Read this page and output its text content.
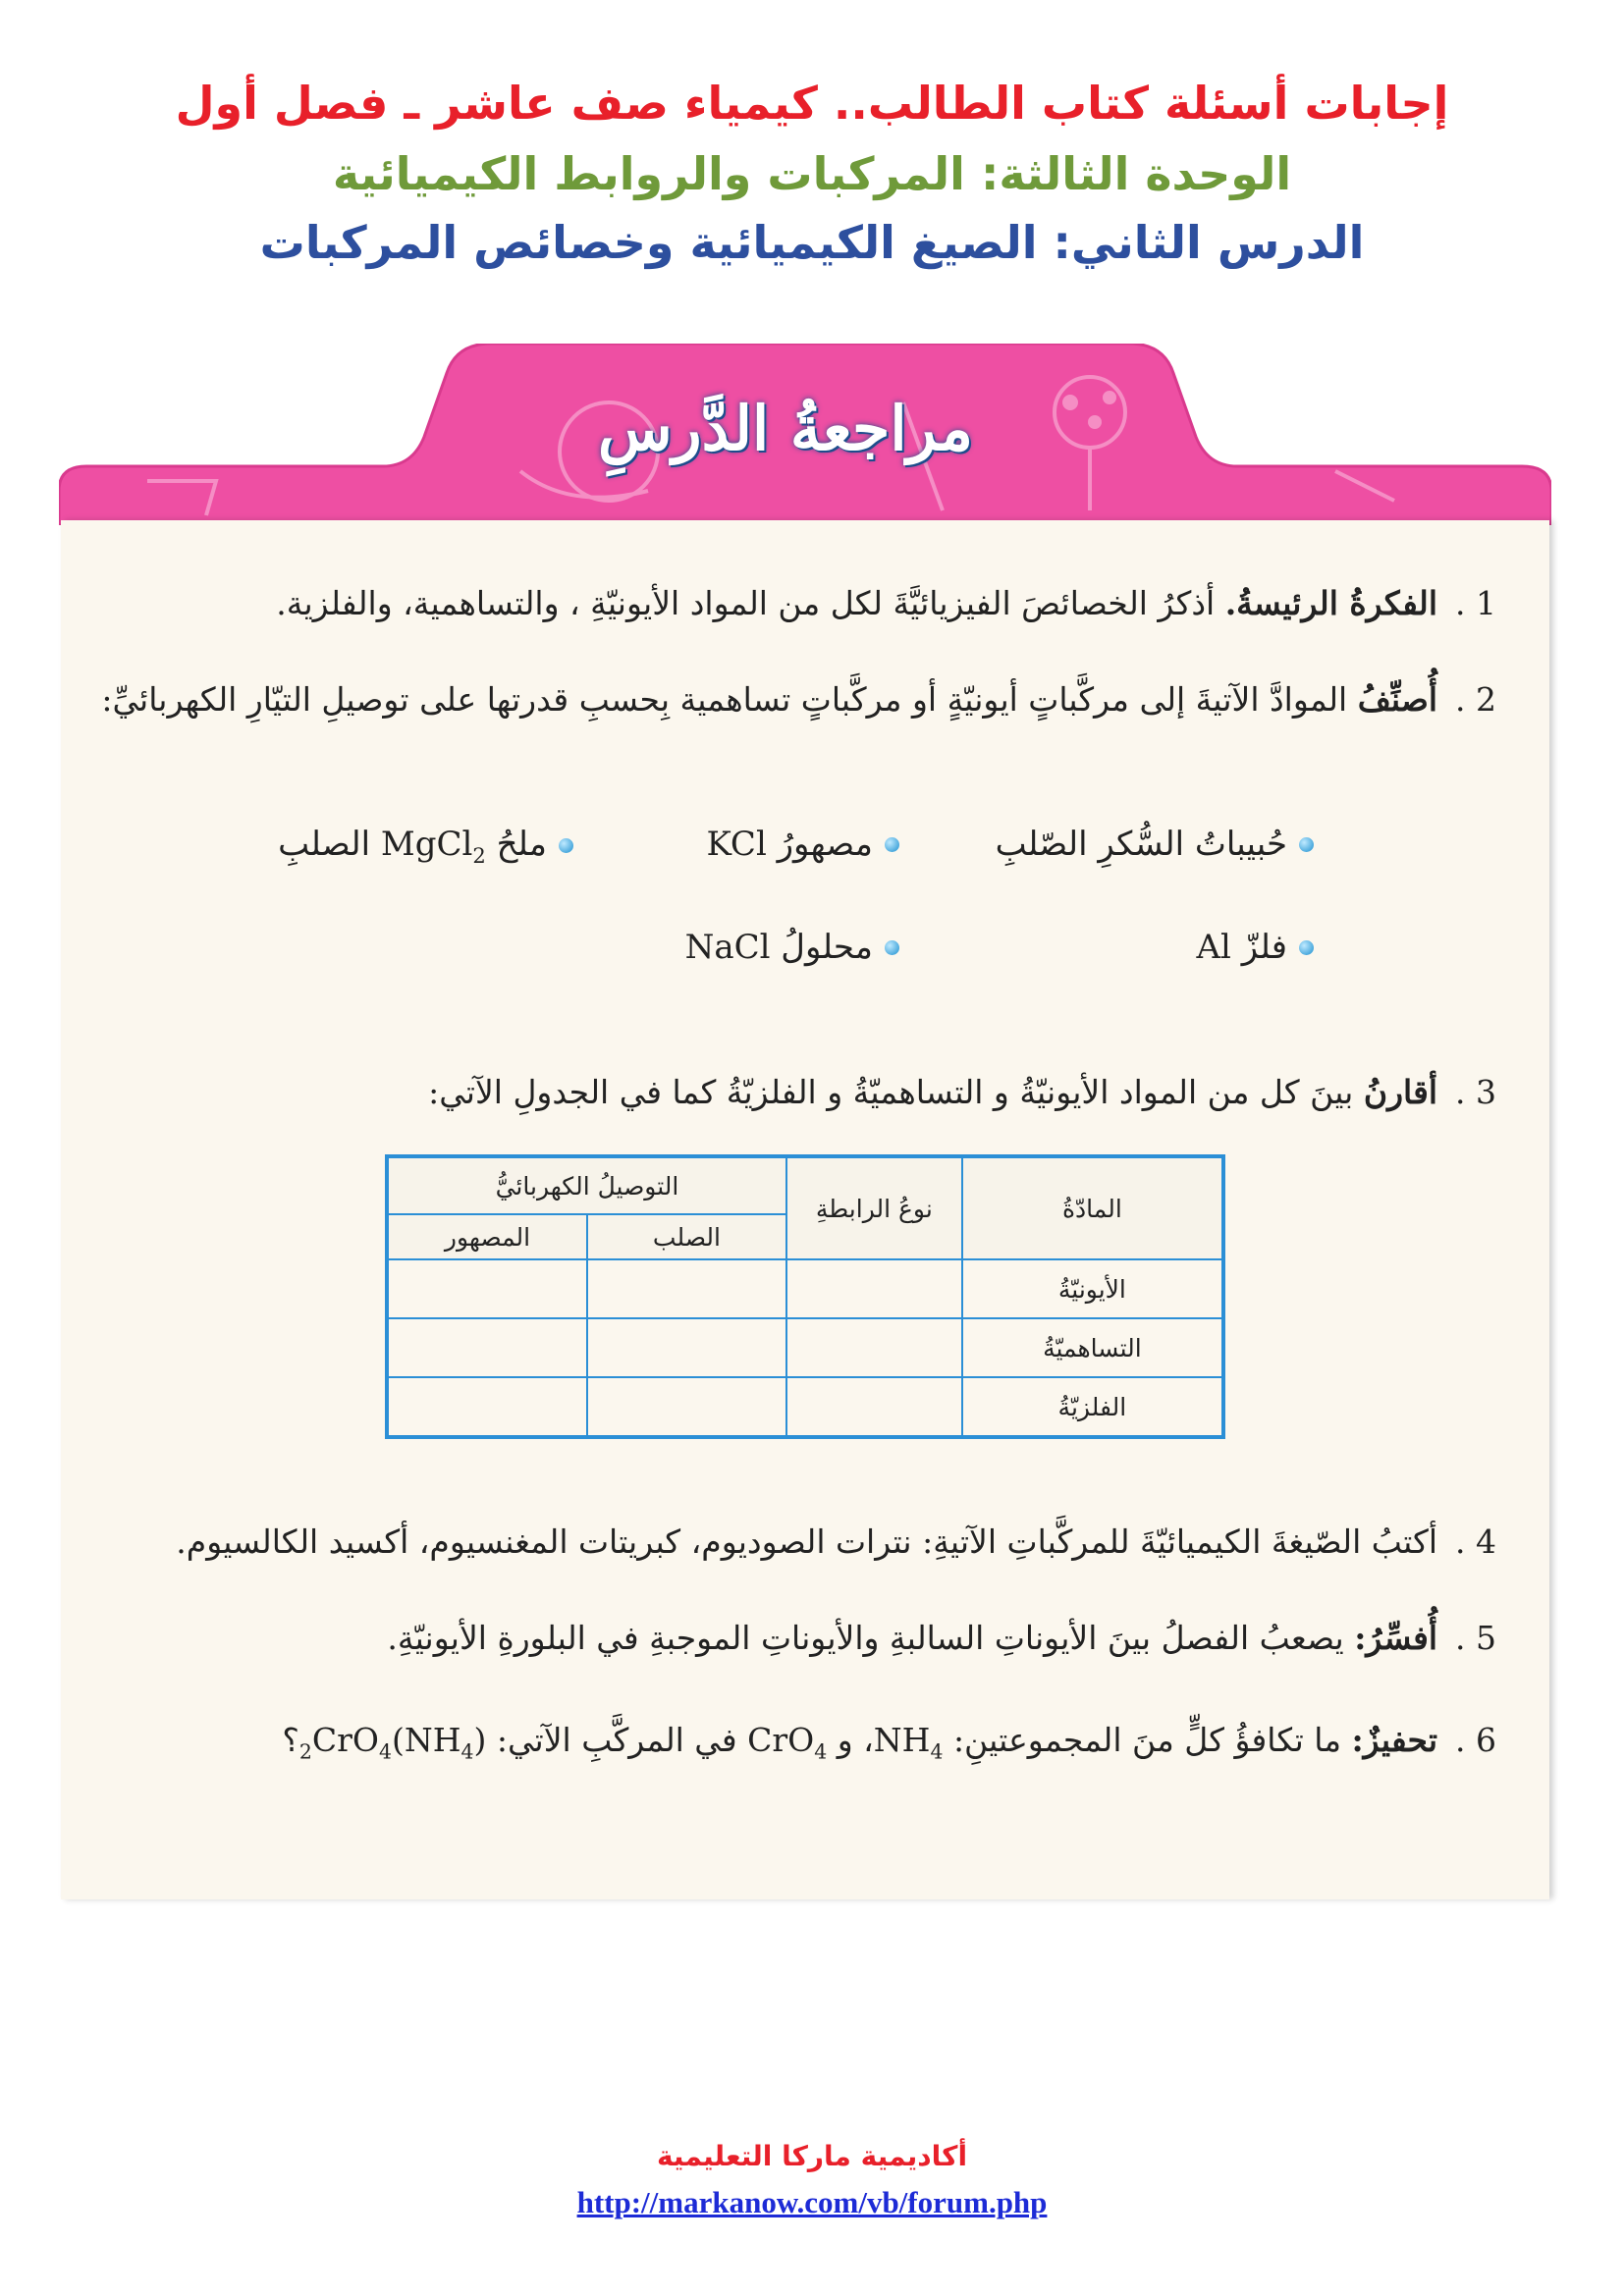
إجابات أسئلة كتاب الطالب.. كيمياء صف عاشر ـ فصل أول
الوحدة الثالثة: المركبات والروابط الكيميائية
الدرس الثاني: الصيغ الكيميائية وخصائص المركبات
مراجعةُ الدَّرسِ
1 .الفكرةُ الرئيسةُ. أذكرُ الخصائصَ الفيزيائيَّةَ لكل من المواد الأيونيّةِ ، والتساهمية، والفلزية.
2 .أُصنِّفُ الموادَّ الآتيةَ إلى مركَّباتٍ أيونيّةٍ أو مركَّباتٍ تساهمية بِحسبِ قدرتها على توصيلِ التيّارِ الكهربائيِّ:
حُبيباتُ السُّكرِ الصّلبِ
مصهورُ KCl
ملحُ MgCl$_2$ الصلبِ
فلزّ Al
محلولُ NaCl
3 .أقارنُ بينَ كل من المواد الأيونيّةُ و التساهميّةُ و الفلزيّةُ كما في الجدولِ الآتي:
المادّةُ	نوعُ الرابطةِ	التوصيلُ الكهربائيُّ	
		الصلب	المصهور
الأيونيّةُ			
التساهميّةُ			
الفلزيّةُ			
4 .أكتبُ الصّيغةَ الكيميائيّةَ للمركَّباتِ الآتيةِ: نترات الصوديوم، كبريتات المغنسيوم، أكسيد الكالسيوم.
5 .أُفسِّرُ: يصعبُ الفصلُ بينَ الأيوناتِ السالبةِ والأيوناتِ الموجبةِ في البلورةِ الأيونيّةِ.
6 .تحفيزٌ: ما تكافؤُ كلٍّ منَ المجموعتينِ: $NH_4،$ و CrO$_4$ في المركَّبِ الآتي: $(NH_4)_2CrO_4؟$
أكاديمية ماركا التعليمية
http://markanow.com/vb/forum.php
